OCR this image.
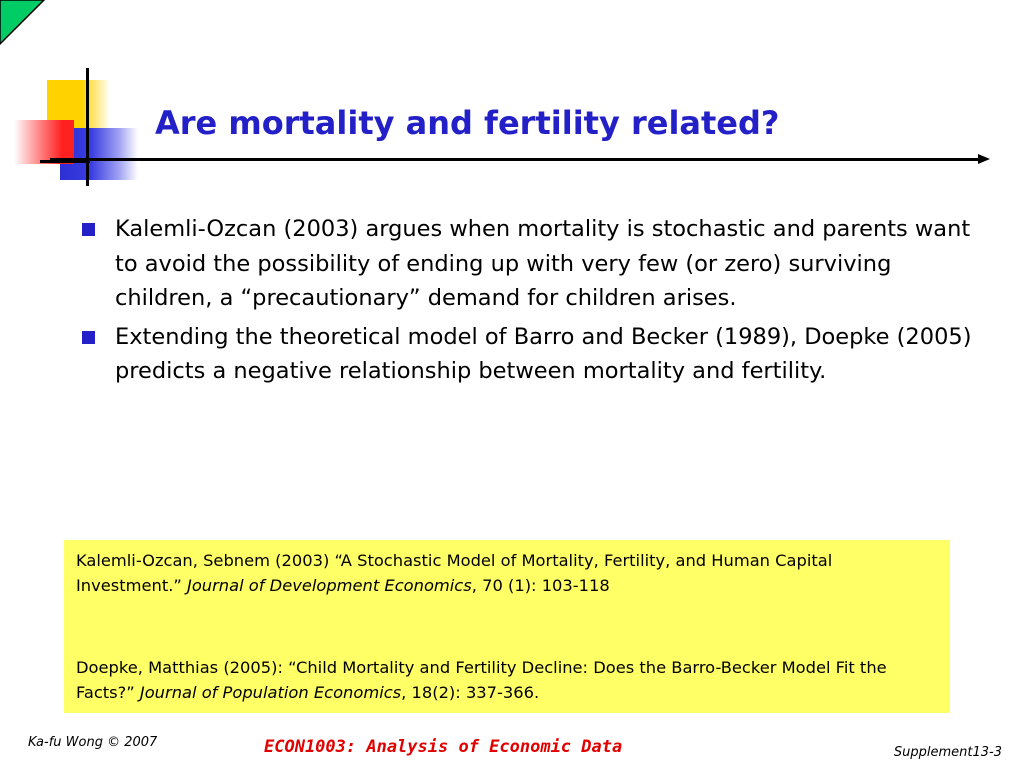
Are mortality and fertility related?
Kalemli-Ozcan (2003) argues when mortality is stochastic and parents want to avoid the possibility of ending up with very few (or zero) surviving children, a “precautionary” demand for children arises.
Extending the theoretical model of Barro and Becker (1989), Doepke (2005) predicts a negative relationship between mortality and fertility.

Kalemli-Ozcan, Sebnem (2003) “A Stochastic Model of Mortality, Fertility, and Human Capital Investment.” Journal of Development Economics, 70 (1): 103-118

Doepke, Matthias (2005): “Child Mortality and Fertility Decline: Does the Barro-Becker Model Fit the Facts?” Journal of Population Economics, 18(2): 337-366.

Ka-fu Wong © 2007	ECON1003: Analysis of Economic Data	Supplement13-3
